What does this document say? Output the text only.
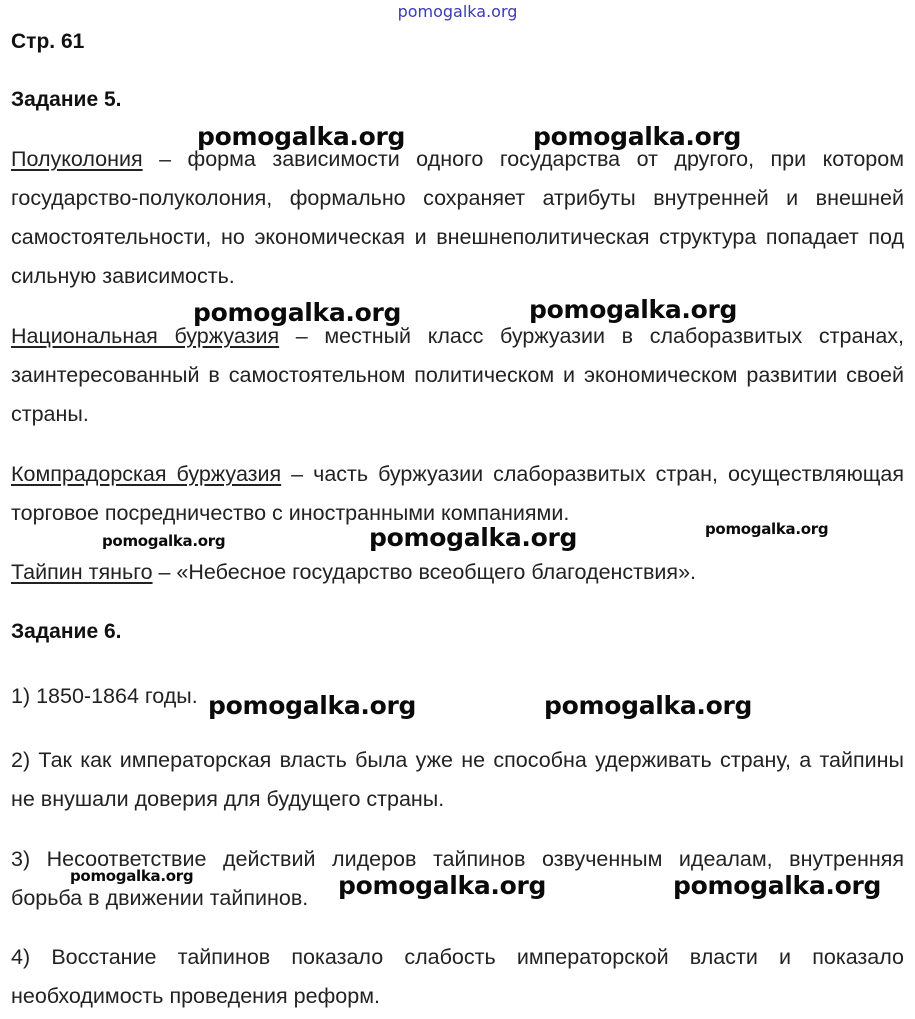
pomogalka.org
Стр. 61
Задание 5.
Полуколония – форма зависимости одного государства от другого, при котором государство-полуколония, формально сохраняет атрибуты внутренней и внешней самостоятельности, но экономическая и внешнеполитическая структура попадает под сильную зависимость.
Национальная буржуазия – местный класс буржуазии в слаборазвитых странах, заинтересованный в самостоятельном политическом и экономическом развитии своей страны.
Компрадорская буржуазия – часть буржуазии слаборазвитых стран, осуществляющая торговое посредничество с иностранными компаниями.
Тайпин тяньго – «Небесное государство всеобщего благоденствия».
Задание 6.
1) 1850-1864 годы.
2) Так как императорская власть была уже не способна удерживать страну, а тайпины не внушали доверия для будущего страны.
3) Несоответствие действий лидеров тайпинов озвученным идеалам, внутренняя борьба в движении тайпинов.
4) Восстание тайпинов показало слабость императорской власти и показало необходимость проведения реформ.
pomogalka.org	pomogalka.org
pomogalka.org	pomogalka.org
pomogalka.org	pomogalka.org	pomogalka.org
pomogalka.org	pomogalka.org
pomogalka.org	pomogalka.org	pomogalka.org
